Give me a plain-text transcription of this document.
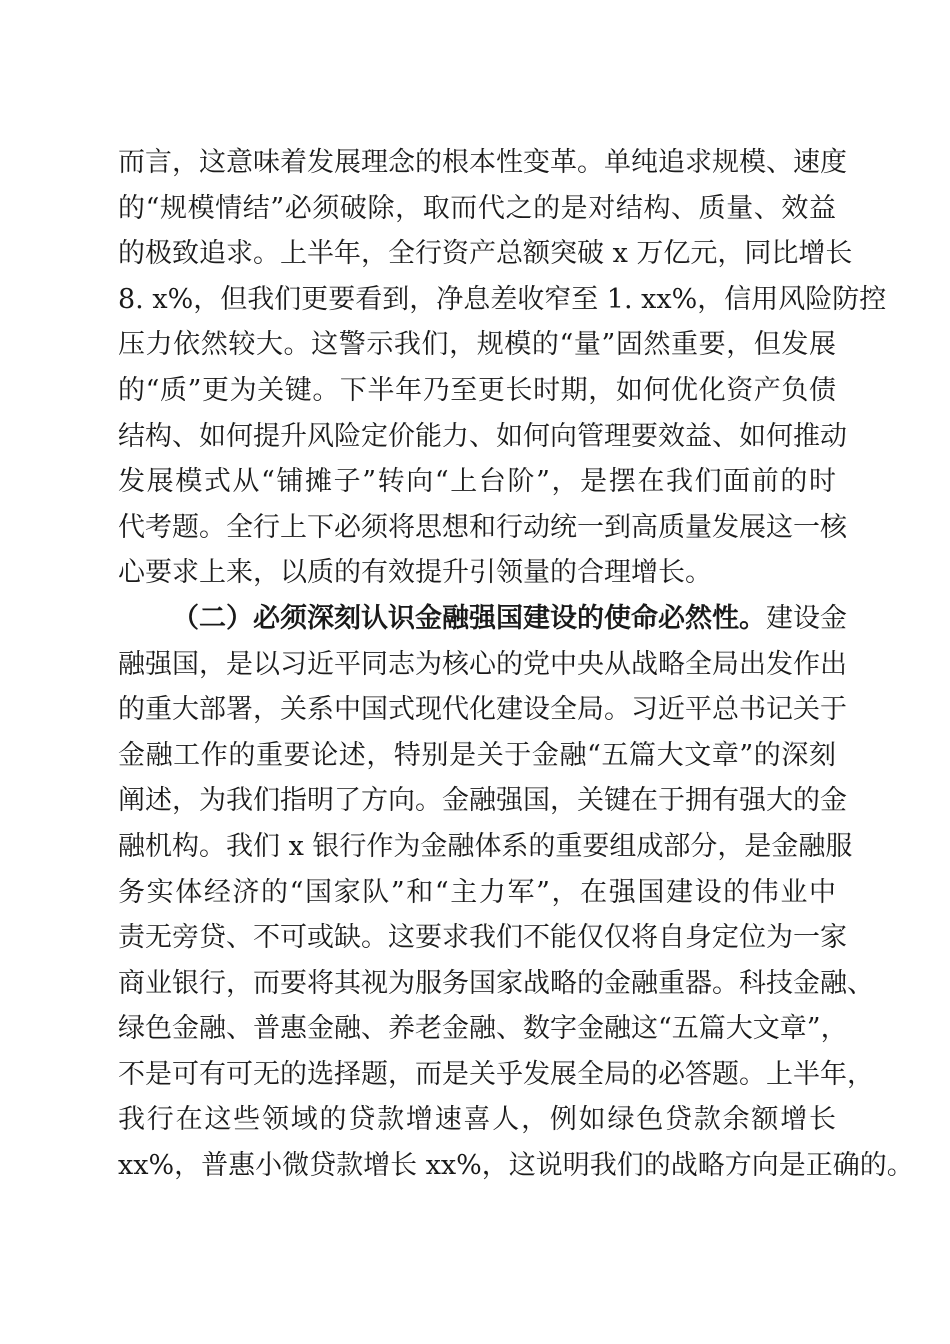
而言，这意味着发展理念的根本性变革。单纯追求规模、速度
的“规模情结”必须破除，取而代之的是对结构、质量、效益
的极致追求。上半年，全行资产总额突破 x 万亿元，同比增长
8. x%，但我们更要看到，净息差收窄至 1. xx%，信用风险防控
压力依然较大。这警示我们，规模的“量”固然重要，但发展
的“质”更为关键。下半年乃至更长时期，如何优化资产负债
结构、如何提升风险定价能力、如何向管理要效益、如何推动
发展模式从“铺摊子”转向“上台阶”，是摆在我们面前的时
代考题。全行上下必须将思想和行动统一到高质量发展这一核
心要求上来，以质的有效提升引领量的合理增长。
（二）必须深刻认识金融强国建设的使命必然性。建设金
融强国，是以习近平同志为核心的党中央从战略全局出发作出
的重大部署，关系中国式现代化建设全局。习近平总书记关于
金融工作的重要论述，特别是关于金融“五篇大文章”的深刻
阐述，为我们指明了方向。金融强国，关键在于拥有强大的金
融机构。我们 x 银行作为金融体系的重要组成部分，是金融服
务实体经济的“国家队”和“主力军”，在强国建设的伟业中
责无旁贷、不可或缺。这要求我们不能仅仅将自身定位为一家
商业银行，而要将其视为服务国家战略的金融重器。科技金融、
绿色金融、普惠金融、养老金融、数字金融这“五篇大文章”，
不是可有可无的选择题，而是关乎发展全局的必答题。上半年，
我行在这些领域的贷款增速喜人，例如绿色贷款余额增长
xx%，普惠小微贷款增长 xx%，这说明我们的战略方向是正确的。
